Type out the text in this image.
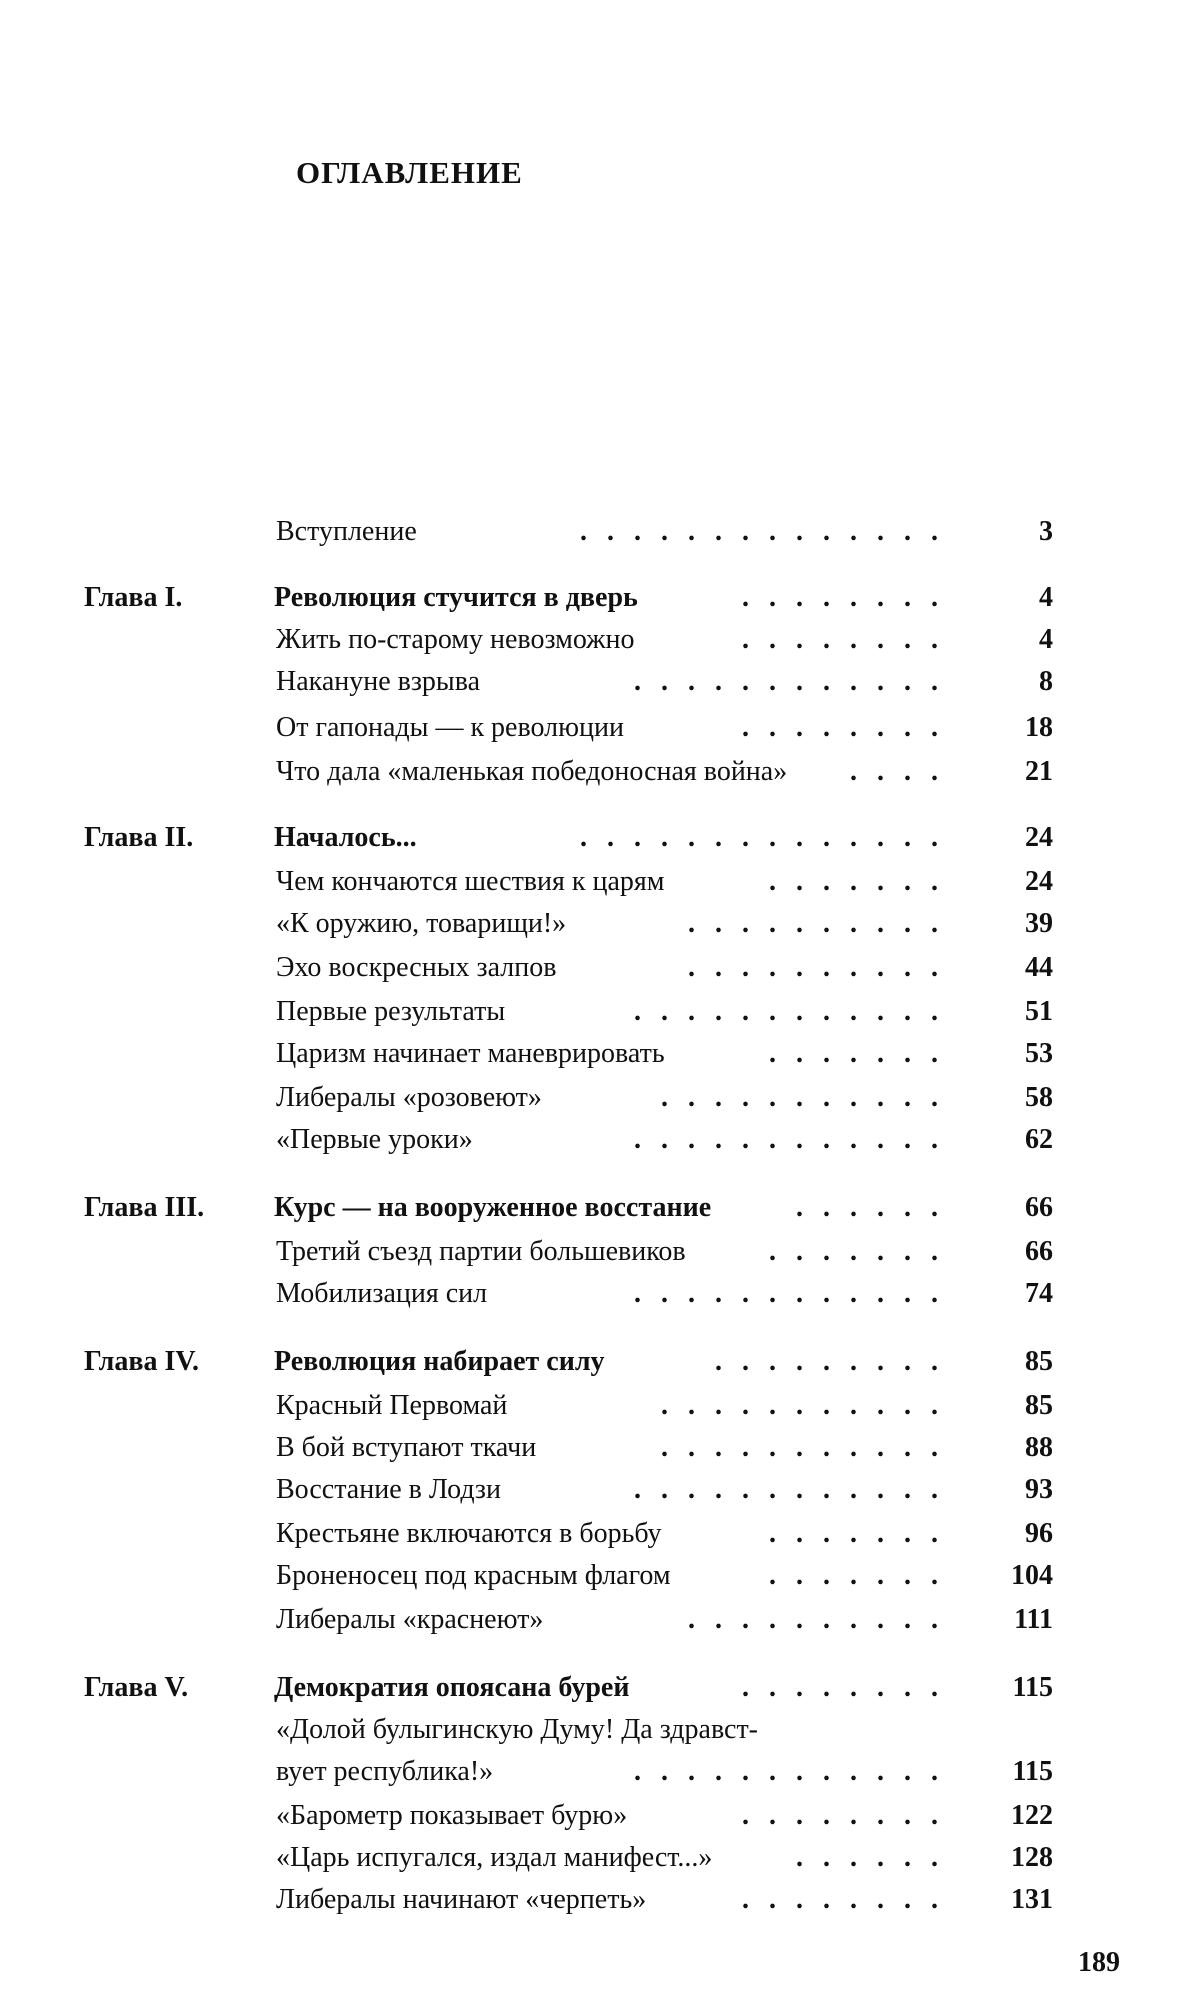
ОГЛАВЛЕНИЕ
Вступление	3
..............
Глава I.	Революция стучится в дверь	4
........
Жить по-старому невозможно	4
........
Накануне взрыва	8
............
От гапонады — к революции	18
........
Что дала «маленькая победоносная война»	21
....
Глава II.	Началось...	24
..............
Чем кончаются шествия к царям	24
.......
«К оружию, товарищи!»	39
..........
Эхо воскресных залпов	44
..........
Первые результаты	51
............
Царизм начинает маневрировать	53
.......
Либералы «розовеют»	58
...........
«Первые уроки»	62
............
Глава III. Курс — на вооруженное восстание	66
......
Третий съезд партии большевиков	66
.......
Мобилизация сил	74
............
Глава IV.	Революция набирает силу	85
.........
Красный Первомай	85
...........
В бой вступают ткачи	88
...........
Восстание в Лодзи	93
............
Крестьяне включаются в борьбу	96
.......
Броненосец под красным флагом	104
.......
Либералы «краснеют»	111
..........
Глава V.	Демократия опоясана бурей	115
........
«Долой булыгинскую Думу! Да здравст-
вует республика!»	115
............
«Барометр показывает бурю»	122
........
«Царь испугался, издал манифест...»	128
......
Либералы начинают «черпеть»	131
........
189
